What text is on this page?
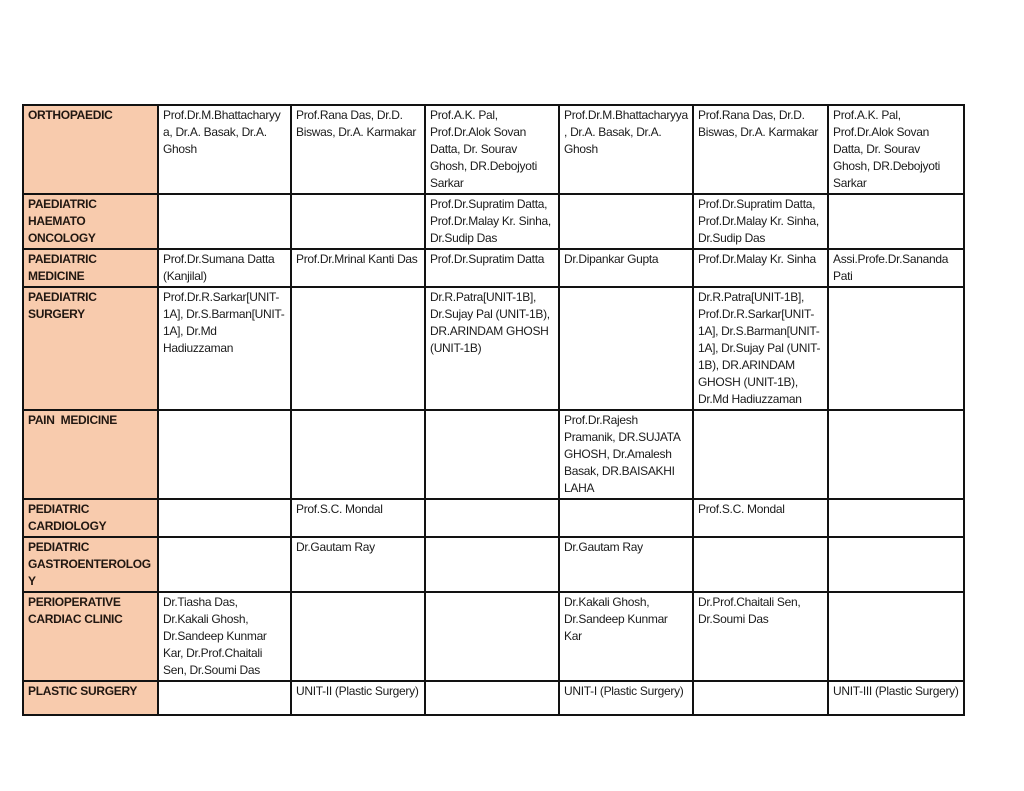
ORTHOPAEDIC	Prof.Dr.M.Bhattacharyya, Dr.A. Basak, Dr.A. Ghosh	Prof.Rana Das, Dr.D. Biswas, Dr.A. Karmakar	Prof.A.K. Pal, Prof.Dr.Alok Sovan Datta, Dr. Sourav Ghosh, DR.Debojyoti Sarkar	Prof.Dr.M.Bhattacharyya, Dr.A. Basak, Dr.A. Ghosh	Prof.Rana Das, Dr.D. Biswas, Dr.A. Karmakar	Prof.A.K. Pal, Prof.Dr.Alok Sovan Datta, Dr. Sourav Ghosh, DR.Debojyoti Sarkar
PAEDIATRIC HAEMATO ONCOLOGY			Prof.Dr.Supratim Datta, Prof.Dr.Malay Kr. Sinha, Dr.Sudip Das		Prof.Dr.Supratim Datta, Prof.Dr.Malay Kr. Sinha, Dr.Sudip Das	
PAEDIATRIC MEDICINE	Prof.Dr.Sumana Datta (Kanjilal)	Prof.Dr.Mrinal Kanti Das	Prof.Dr.Supratim Datta	Dr.Dipankar Gupta	Prof.Dr.Malay Kr. Sinha	Assi.Profe.Dr.Sananda Pati
PAEDIATRIC SURGERY	Prof.Dr.R.Sarkar[UNIT-1A], Dr.S.Barman[UNIT-1A], Dr.Md Hadiuzzaman		Dr.R.Patra[UNIT-1B], Dr.Sujay Pal (UNIT-1B), DR.ARINDAM GHOSH (UNIT-1B)		Dr.R.Patra[UNIT-1B], Prof.Dr.R.Sarkar[UNIT-1A], Dr.S.Barman[UNIT-1A], Dr.Sujay Pal (UNIT-1B), DR.ARINDAM GHOSH (UNIT-1B), Dr.Md Hadiuzzaman	
PAIN  MEDICINE				Prof.Dr.Rajesh Pramanik, DR.SUJATA GHOSH, Dr.Amalesh Basak, DR.BAISAKHI LAHA		
PEDIATRIC CARDIOLOGY		Prof.S.C. Mondal			Prof.S.C. Mondal	
PEDIATRIC GASTROENTEROLOGY		Dr.Gautam Ray		Dr.Gautam Ray		
PERIOPERATIVE CARDIAC CLINIC	Dr.Tiasha Das, Dr.Kakali Ghosh, Dr.Sandeep Kunmar Kar, Dr.Prof.Chaitali Sen, Dr.Soumi Das			Dr.Kakali Ghosh, Dr.Sandeep Kunmar Kar	Dr.Prof.Chaitali Sen, Dr.Soumi Das	
PLASTIC SURGERY		UNIT-II (Plastic Surgery)		UNIT-I (Plastic Surgery)		UNIT-III (Plastic Surgery)
